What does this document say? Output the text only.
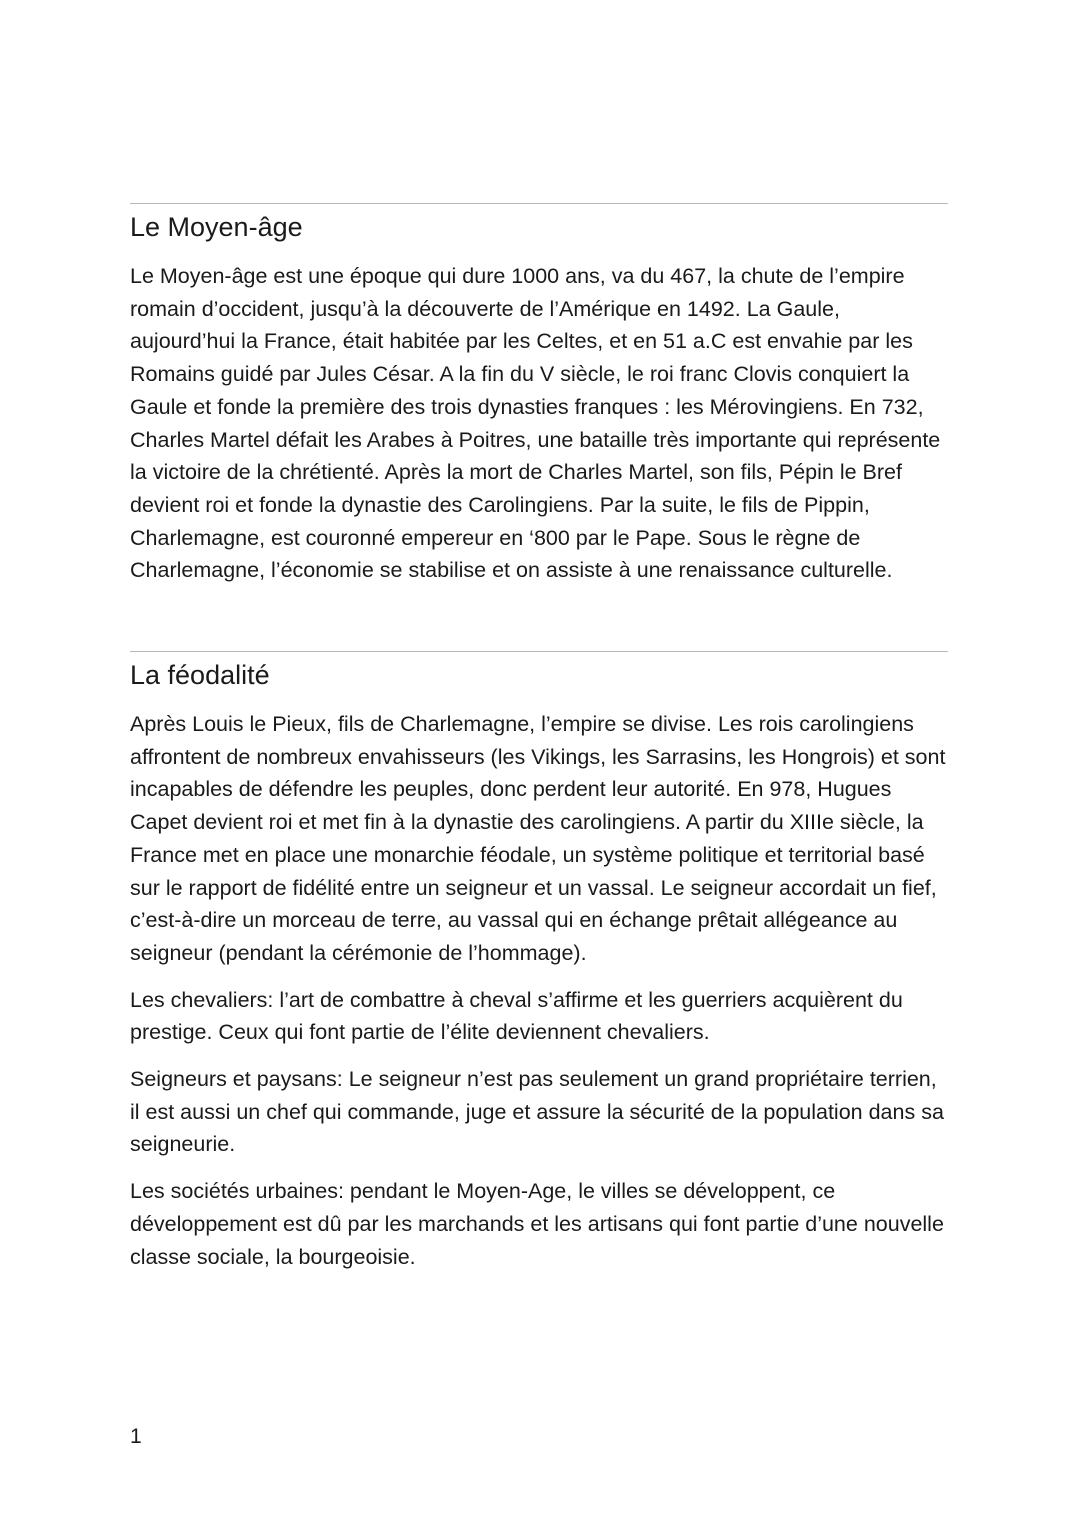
Le Moyen-âge

Le Moyen-âge est une époque qui dure 1000 ans, va du 467, la chute de l’empire romain d’occident, jusqu’à la découverte de l’Amérique en 1492. La Gaule, aujourd’hui la France, était habitée par les Celtes, et en 51 a.C est envahie par les Romains guidé par Jules César. A la fin du V siècle, le roi franc Clovis conquiert la Gaule et fonde la première des trois dynasties franques : les Mérovingiens. En 732, Charles Martel défait les Arabes à Poitres, une bataille très importante qui représente la victoire de la chrétienté. Après la mort de Charles Martel, son fils, Pépin le Bref devient roi et fonde la dynastie des Carolingiens. Par la suite, le fils de Pippin, Charlemagne, est couronné empereur en ‘800 par le Pape. Sous le règne de Charlemagne, l’économie se stabilise et on assiste à une renaissance culturelle.

La féodalité

Après Louis le Pieux, fils de Charlemagne, l’empire se divise. Les rois carolingiens affrontent de nombreux envahisseurs (les Vikings, les Sarrasins, les Hongrois) et sont incapables de défendre les peuples, donc perdent leur autorité. En 978, Hugues Capet devient roi et met fin à la dynastie des carolingiens. A partir du XIIIe siècle, la France met en place une monarchie féodale, un système politique et territorial basé sur le rapport de fidélité entre un seigneur et un vassal. Le seigneur accordait un fief, c’est-à-dire un morceau de terre, au vassal qui en échange prêtait allégeance au seigneur (pendant la cérémonie de l’hommage).

Les chevaliers: l’art de combattre à cheval s’affirme et les guerriers acquièrent du prestige. Ceux qui font partie de l’élite deviennent chevaliers.

Seigneurs et paysans: Le seigneur n’est pas seulement un grand propriétaire terrien, il est aussi un chef qui commande, juge et assure la sécurité de la population dans sa seigneurie.

Les sociétés urbaines: pendant le Moyen-Age, le villes se développent, ce développement est dû par les marchands et les artisans qui font partie d’une nouvelle classe sociale, la bourgeoisie.

1
